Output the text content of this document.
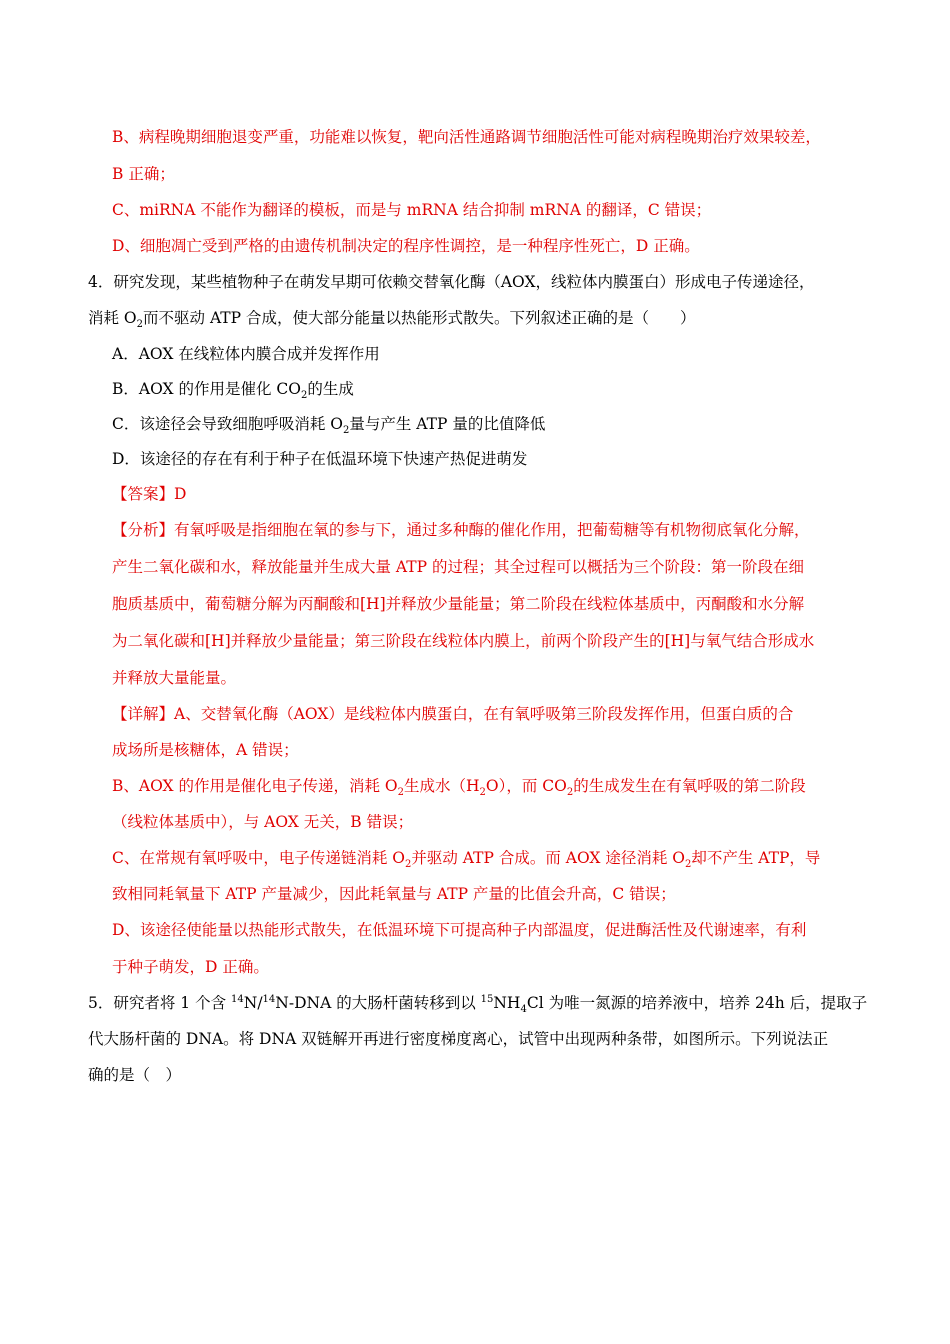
B、病程晚期细胞退变严重，功能难以恢复，靶向活性通路调节细胞活性可能对病程晚期治疗效果较差，
B 正确；
C、miRNA 不能作为翻译的模板，而是与 mRNA 结合抑制 mRNA 的翻译，C 错误；
D、细胞凋亡受到严格的由遗传机制决定的程序性调控，是一种程序性死亡，D 正确。
4．研究发现，某些植物种子在萌发早期可依赖交替氧化酶（AOX，线粒体内膜蛋白）形成电子传递途径，
消耗 $O_2$而不驱动 ATP 合成，使大部分能量以热能形式散失。下列叙述正确的是（　　）
A．AOX 在线粒体内膜合成并发挥作用
B．AOX 的作用是催化 $CO_2$的生成
C．该途径会导致细胞呼吸消耗 $O_2$量与产生 ATP 量的比值降低
D．该途径的存在有利于种子在低温环境下快速产热促进萌发
【答案】D
【分析】有氧呼吸是指细胞在氧的参与下，通过多种酶的催化作用，把葡萄糖等有机物彻底氧化分解，
产生二氧化碳和水，释放能量并生成大量 ATP 的过程；其全过程可以概括为三个阶段：第一阶段在细
胞质基质中，葡萄糖分解为丙酮酸和[H]并释放少量能量；第二阶段在线粒体基质中，丙酮酸和水分解
为二氧化碳和[H]并释放少量能量；第三阶段在线粒体内膜上，前两个阶段产生的[H]与氧气结合形成水
并释放大量能量。
【详解】A、交替氧化酶（AOX）是线粒体内膜蛋白，在有氧呼吸第三阶段发挥作用，但蛋白质的合
成场所是核糖体，A 错误；
B、AOX 的作用是催化电子传递，消耗 $O_2$生成水$(H_2O)$，而 $CO_2$的生成发生在有氧呼吸的第二阶段
（线粒体基质中），与 AOX 无关，B 错误；
C、在常规有氧呼吸中，电子传递链消耗 $O_2$并驱动 ATP 合成。而 AOX 途径消耗 $O_2$却不产生 ATP，导
致相同耗氧量下 ATP 产量减少，因此耗氧量与 ATP 产量的比值会升高，C 错误；
D、该途径使能量以热能形式散失，在低温环境下可提高种子内部温度，促进酶活性及代谢速率，有利
于种子萌发，D 正确。
5．研究者将 1 个含 $^{14}$N/$^{14}$N-DNA 的大肠杆菌转移到以 $^{15}NH_4Cl$ 为唯一氮源的培养液中，培养 24h 后，提取子
代大肠杆菌的 DNA。将 DNA 双链解开再进行密度梯度离心，试管中出现两种条带，如图所示。下列说法正
确的是（　）
